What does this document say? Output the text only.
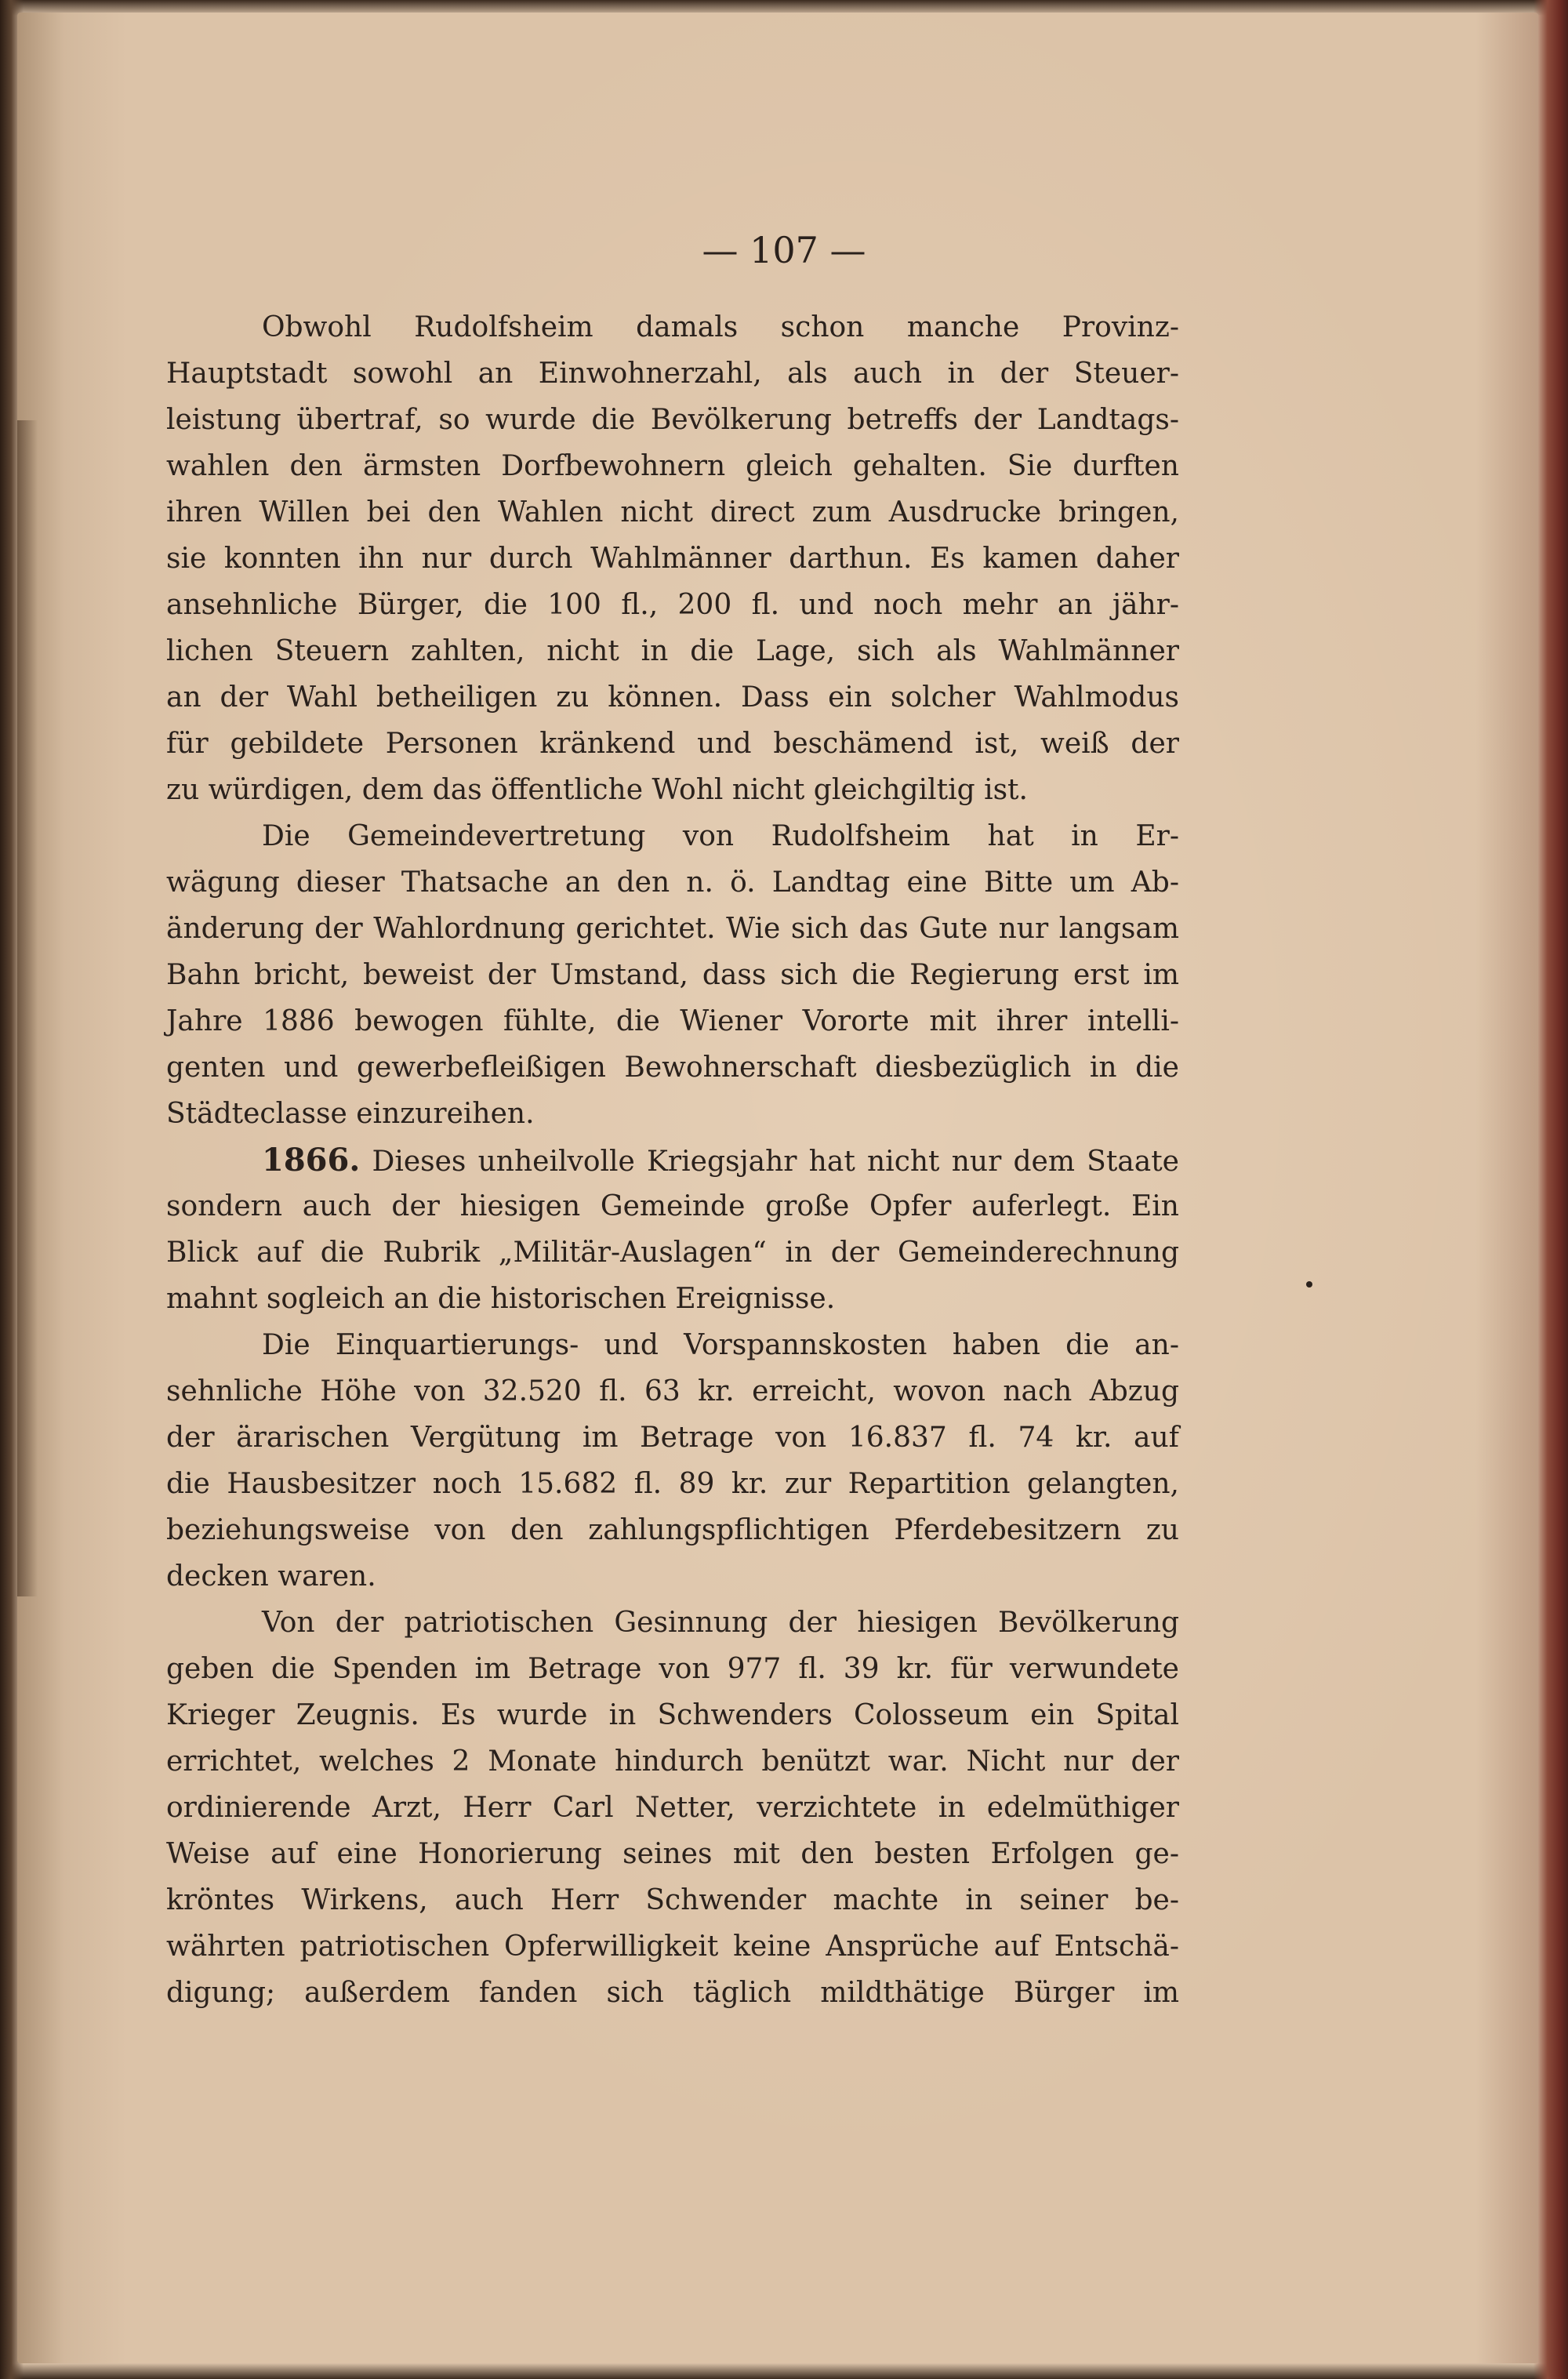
— 107 —
Obwohl Rudolfsheim damals schon manche Provinz-
Hauptstadt sowohl an Einwohnerzahl, als auch in der Steuer-
leistung übertraf, so wurde die Bevölkerung betreffs der Landtags-
wahlen den ärmsten Dorfbewohnern gleich gehalten. Sie durften
ihren Willen bei den Wahlen nicht direct zum Ausdrucke bringen,
sie konnten ihn nur durch Wahlmänner darthun. Es kamen daher
ansehnliche Bürger, die 100 fl., 200 fl. und noch mehr an jähr-
lichen Steuern zahlten, nicht in die Lage, sich als Wahlmänner
an der Wahl betheiligen zu können. Dass ein solcher Wahlmodus
für gebildete Personen kränkend und beschämend ist, weiß der
zu würdigen, dem das öffentliche Wohl nicht gleichgiltig ist.
Die Gemeindevertretung von Rudolfsheim hat in Er-
wägung dieser Thatsache an den n. ö. Landtag eine Bitte um Ab-
änderung der Wahlordnung gerichtet. Wie sich das Gute nur langsam
Bahn bricht, beweist der Umstand, dass sich die Regierung erst im
Jahre 1886 bewogen fühlte, die Wiener Vororte mit ihrer intelli-
genten und gewerbefleißigen Bewohnerschaft diesbezüglich in die
Städteclasse einzureihen.
1866. Dieses unheilvolle Kriegsjahr hat nicht nur dem Staate
sondern auch der hiesigen Gemeinde große Opfer auferlegt. Ein
Blick auf die Rubrik „Militär-Auslagen“ in der Gemeinderechnung
mahnt sogleich an die historischen Ereignisse.
Die Einquartierungs- und Vorspannskosten haben die an-
sehnliche Höhe von 32.520 fl. 63 kr. erreicht, wovon nach Abzug
der ärarischen Vergütung im Betrage von 16.837 fl. 74 kr. auf
die Hausbesitzer noch 15.682 fl. 89 kr. zur Repartition gelangten,
beziehungsweise von den zahlungspflichtigen Pferdebesitzern zu
decken waren.
Von der patriotischen Gesinnung der hiesigen Bevölkerung
geben die Spenden im Betrage von 977 fl. 39 kr. für verwundete
Krieger Zeugnis. Es wurde in Schwenders Colosseum ein Spital
errichtet, welches 2 Monate hindurch benützt war. Nicht nur der
ordinierende Arzt, Herr Carl Netter, verzichtete in edelmüthiger
Weise auf eine Honorierung seines mit den besten Erfolgen ge-
kröntes Wirkens, auch Herr Schwender machte in seiner be-
währten patriotischen Opferwilligkeit keine Ansprüche auf Entschä-
digung; außerdem fanden sich täglich mildthätige Bürger im
